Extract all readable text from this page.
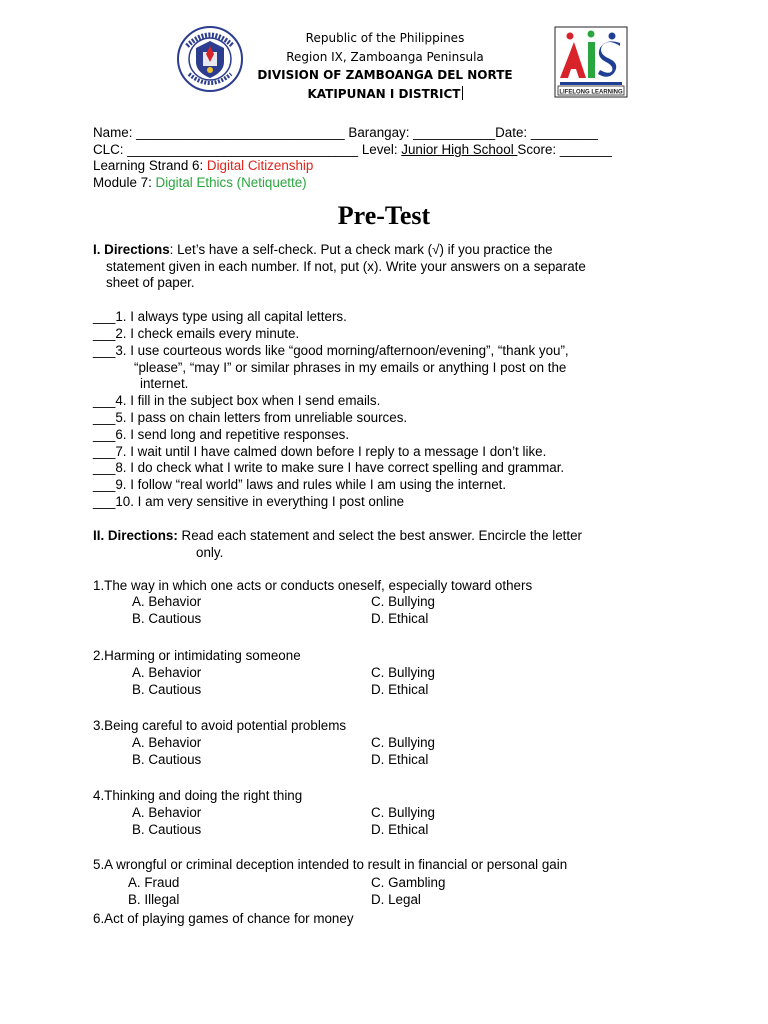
LIFELONG LEARNING
Republic of the Philippines
Region IX, Zamboanga Peninsula
DIVISION OF ZAMBOANGA DEL NORTE
KATIPUNAN I DISTRICT
Name: ____________________________ Barangay: ___________Date: _________
CLC: _______________________________ Level: Junior High School Score: _______
Learning Strand 6: Digital Citizenship
Module 7: Digital Ethics (Netiquette)
Pre-Test
I. Directions: Let’s have a self-check. Put a check mark (√) if you practice the
statement given in each number. If not, put (x). Write your answers on a separate
sheet of paper.
___1. I always type using all capital letters.
___2. I check emails every minute.
___3. I use courteous words like “good morning/afternoon/evening”, “thank you”,
“please”, “may I” or similar phrases in my emails or anything I post on the
internet.
___4. I fill in the subject box when I send emails.
___5. I pass on chain letters from unreliable sources.
___6. I send long and repetitive responses.
___7. I wait until I have calmed down before I reply to a message I don’t like.
___8. I do check what I write to make sure I have correct spelling and grammar.
___9. I follow “real world” laws and rules while I am using the internet.
___10. I am very sensitive in everything I post online
II. Directions: Read each statement and select the best answer. Encircle the letter
only.
1.The way in which one acts or conducts oneself, especially toward others
A. Behavior	C. Bullying
B. Cautious	D. Ethical
2.Harming or intimidating someone
A. Behavior	C. Bullying
B. Cautious	D. Ethical
3.Being careful to avoid potential problems
A. Behavior	C. Bullying
B. Cautious	D. Ethical
4.Thinking and doing the right thing
A. Behavior	C. Bullying
B. Cautious	D. Ethical
5.A wrongful or criminal deception intended to result in financial or personal gain
A. Fraud	C. Gambling
B. Illegal	D. Legal
6.Act of playing games of chance for money
